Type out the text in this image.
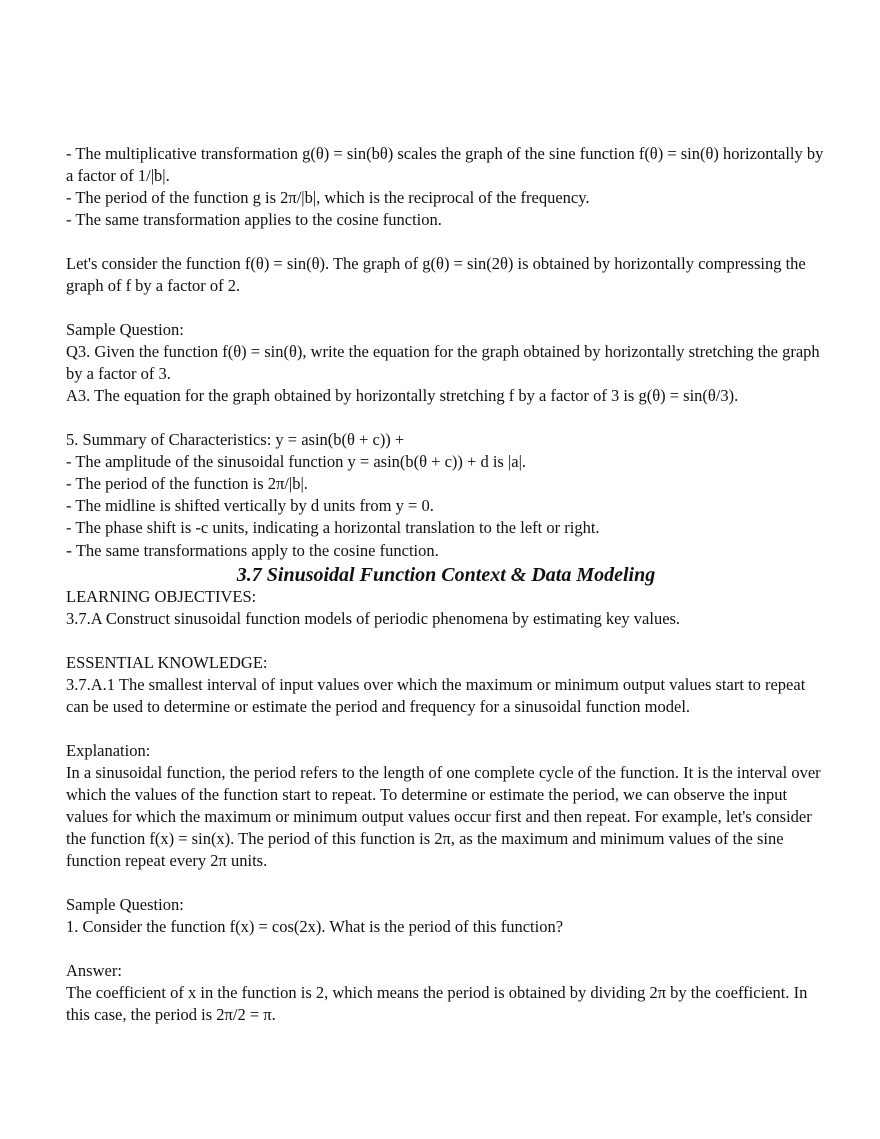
- The multiplicative transformation g(θ) = sin(bθ) scales the graph of the sine function f(θ) = sin(θ) horizontally by a factor of 1/|b|.
- The period of the function g is 2π/|b|, which is the reciprocal of the frequency.
- The same transformation applies to the cosine function.
Let's consider the function f(θ) = sin(θ). The graph of g(θ) = sin(2θ) is obtained by horizontally compressing the graph of f by a factor of 2.
Sample Question:
Q3. Given the function f(θ) = sin(θ), write the equation for the graph obtained by horizontally stretching the graph by a factor of 3.
A3. The equation for the graph obtained by horizontally stretching f by a factor of 3 is g(θ) = sin(θ/3).
5. Summary of Characteristics: y = asin(b(θ + c)) +
- The amplitude of the sinusoidal function y = asin(b(θ + c)) + d is |a|.
- The period of the function is 2π/|b|.
- The midline is shifted vertically by d units from y = 0.
- The phase shift is -c units, indicating a horizontal translation to the left or right.
- The same transformations apply to the cosine function.
3.7 Sinusoidal Function Context & Data Modeling
LEARNING OBJECTIVES:
3.7.A Construct sinusoidal function models of periodic phenomena by estimating key values.
ESSENTIAL KNOWLEDGE:
3.7.A.1 The smallest interval of input values over which the maximum or minimum output values start to repeat can be used to determine or estimate the period and frequency for a sinusoidal function model.
Explanation:
In a sinusoidal function, the period refers to the length of one complete cycle of the function. It is the interval over which the values of the function start to repeat. To determine or estimate the period, we can observe the input values for which the maximum or minimum output values occur first and then repeat. For example, let's consider the function f(x) = sin(x). The period of this function is 2π, as the maximum and minimum values of the sine function repeat every 2π units.
Sample Question:
1. Consider the function f(x) = cos(2x). What is the period of this function?
Answer:
The coefficient of x in the function is 2, which means the period is obtained by dividing 2π by the coefficient. In this case, the period is 2π/2 = π.
